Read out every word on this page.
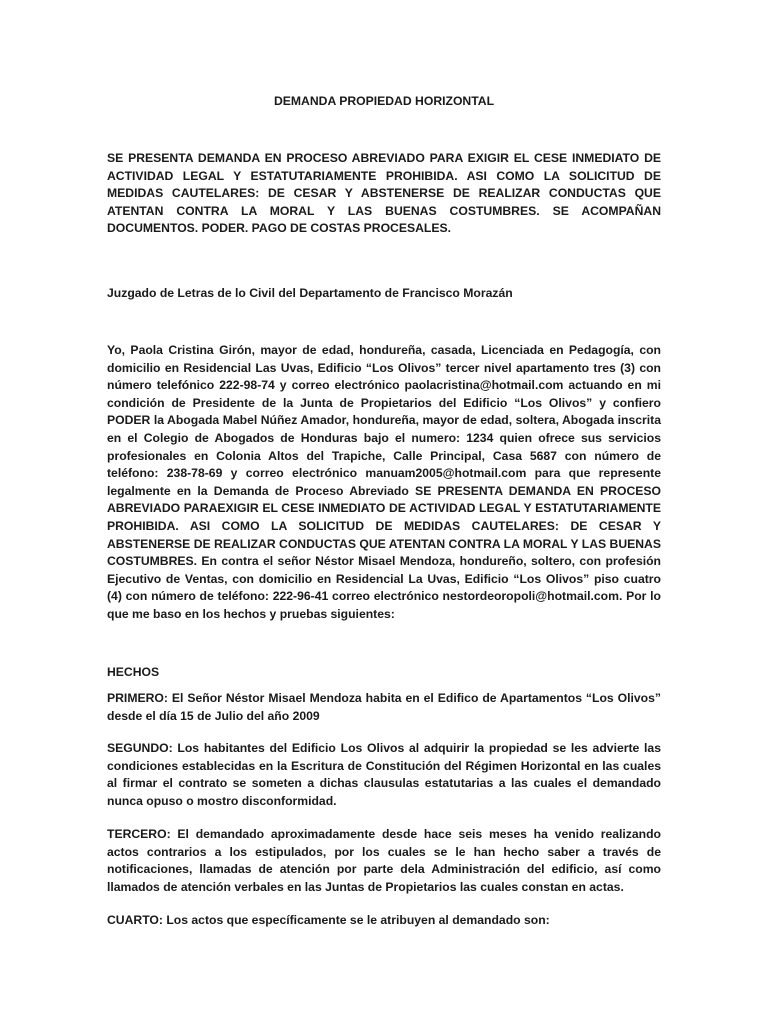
DEMANDA PROPIEDAD HORIZONTAL

SE PRESENTA DEMANDA EN PROCESO ABREVIADO PARA EXIGIR EL CESE INMEDIATO DE ACTIVIDAD LEGAL Y ESTATUTARIAMENTE PROHIBIDA. ASI COMO LA SOLICITUD DE MEDIDAS CAUTELARES: DE CESAR Y ABSTENERSE DE REALIZAR CONDUCTAS QUE ATENTAN CONTRA LA MORAL Y LAS BUENAS COSTUMBRES. SE ACOMPAÑAN DOCUMENTOS. PODER. PAGO DE COSTAS PROCESALES.

Juzgado de Letras de lo Civil del Departamento de Francisco Morazán

Yo, Paola Cristina Girón, mayor de edad, hondureña, casada, Licenciada en Pedagogía, con domicilio en Residencial Las Uvas, Edificio “Los Olivos” tercer nivel apartamento tres (3) con número telefónico 222-98-74 y correo electrónico paolacristina@hotmail.com actuando en mi condición de Presidente de la Junta de Propietarios del Edificio “Los Olivos” y confiero PODER la Abogada Mabel Núñez Amador, hondureña, mayor de edad, soltera, Abogada inscrita en el Colegio de Abogados de Honduras bajo el numero: 1234 quien ofrece sus servicios profesionales en Colonia Altos del Trapiche, Calle Principal, Casa 5687 con número de teléfono: 238-78-69 y correo electrónico manuam2005@hotmail.com para que represente legalmente en la Demanda de Proceso Abreviado SE PRESENTA DEMANDA EN PROCESO ABREVIADO PARAEXIGIR EL CESE INMEDIATO DE ACTIVIDAD LEGAL Y ESTATUTARIAMENTE PROHIBIDA. ASI COMO LA SOLICITUD DE MEDIDAS CAUTELARES: DE CESAR Y ABSTENERSE DE REALIZAR CONDUCTAS QUE ATENTAN CONTRA LA MORAL Y LAS BUENAS COSTUMBRES. En contra el señor Néstor Misael Mendoza, hondureño, soltero, con profesión Ejecutivo de Ventas, con domicilio en Residencial La Uvas, Edificio “Los Olivos” piso cuatro (4) con número de teléfono: 222-96-41 correo electrónico nestordeoropoli@hotmail.com. Por lo que me baso en los hechos y pruebas siguientes:

HECHOS

PRIMERO: El Señor Néstor Misael Mendoza habita en el Edifico de Apartamentos “Los Olivos” desde el día 15 de Julio del año 2009

SEGUNDO: Los habitantes del Edificio Los Olivos al adquirir la propiedad se les advierte las condiciones establecidas en la Escritura de Constitución del Régimen Horizontal en las cuales al firmar el contrato se someten a dichas clausulas estatutarias a las cuales el demandado nunca opuso o mostro disconformidad.

TERCERO: El demandado aproximadamente desde hace seis meses ha venido realizando actos contrarios a los estipulados, por los cuales se le han hecho saber a través de notificaciones, llamadas de atención por parte dela Administración del edificio, así como llamados de atención verbales en las Juntas de Propietarios las cuales constan en actas.

CUARTO: Los actos que específicamente se le atribuyen al demandado son:
